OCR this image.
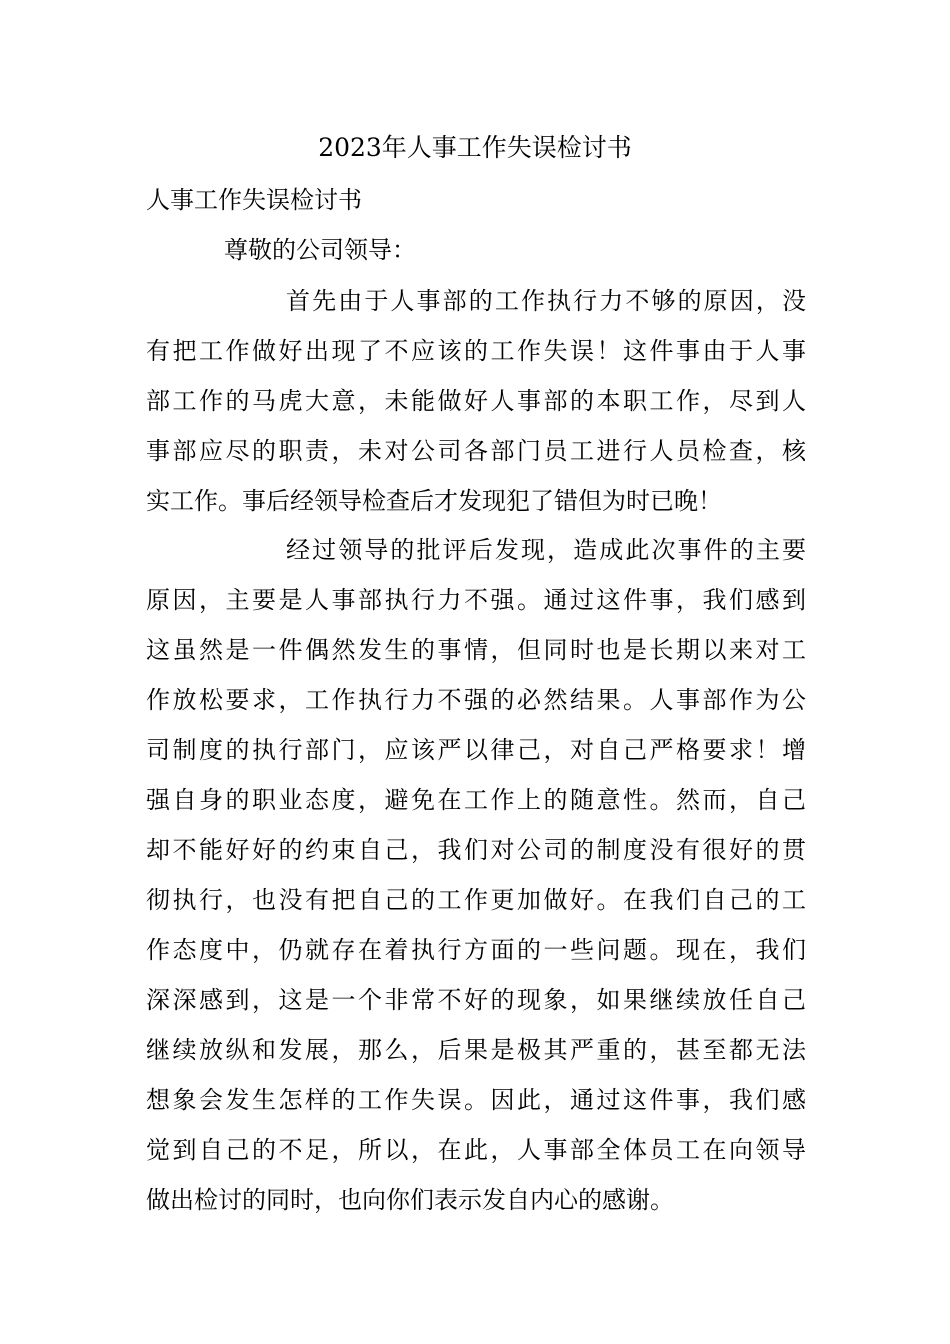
2023年人事工作失误检讨书

人事工作失误检讨书

尊敬的公司领导：

首先由于人事部的工作执行力不够的原因，没
有把工作做好出现了不应该的工作失误！这件事由于人事
部工作的马虎大意，未能做好人事部的本职工作，尽到人
事部应尽的职责，未对公司各部门员工进行人员检查，核
实工作。事后经领导检查后才发现犯了错但为时已晚！
经过领导的批评后发现，造成此次事件的主要
原因，主要是人事部执行力不强。通过这件事，我们感到
这虽然是一件偶然发生的事情，但同时也是长期以来对工
作放松要求，工作执行力不强的必然结果。人事部作为公
司制度的执行部门，应该严以律己，对自己严格要求！增
强自身的职业态度，避免在工作上的随意性。然而，自己
却不能好好的约束自己，我们对公司的制度没有很好的贯
彻执行，也没有把自己的工作更加做好。在我们自己的工
作态度中，仍就存在着执行方面的一些问题。现在，我们
深深感到，这是一个非常不好的现象，如果继续放任自己
继续放纵和发展，那么，后果是极其严重的，甚至都无法
想象会发生怎样的工作失误。因此，通过这件事，我们感
觉到自己的不足，所以，在此，人事部全体员工在向领导
做出检讨的同时，也向你们表示发自内心的感谢。
